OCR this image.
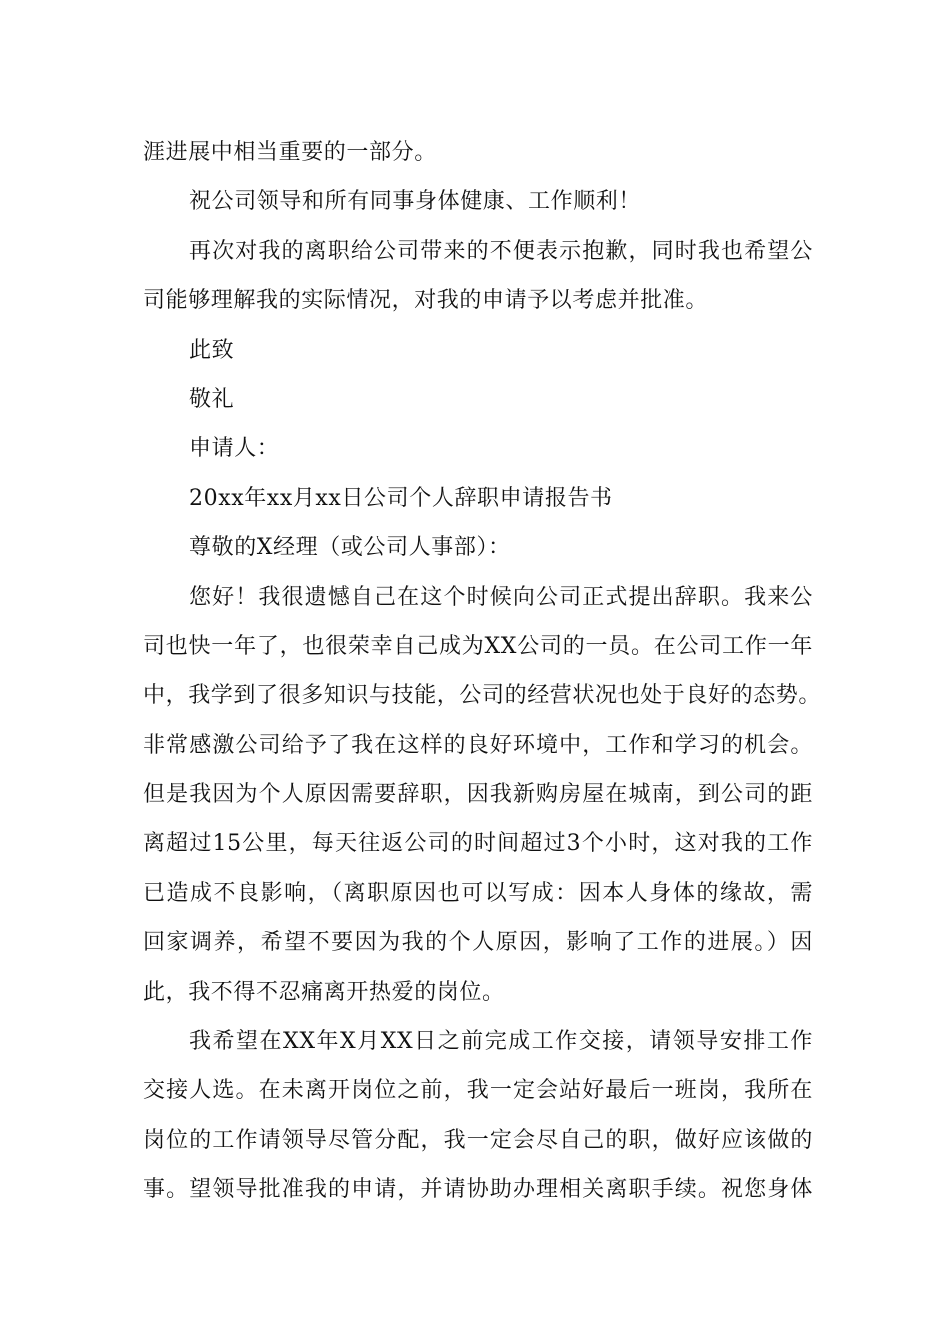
涯进展中相当重要的一部分。
祝公司领导和所有同事身体健康、工作顺利！
再次对我的离职给公司带来的不便表示抱歉，同时我也希望公
司能够理解我的实际情况，对我的申请予以考虑并批准。
此致
敬礼
申请人：
20xx年xx月xx日公司个人辞职申请报告书
尊敬的X经理（或公司人事部）：
您好！我很遗憾自己在这个时候向公司正式提出辞职。我来公
司也快一年了，也很荣幸自己成为XX公司的一员。在公司工作一年
中，我学到了很多知识与技能，公司的经营状况也处于良好的态势。
非常感激公司给予了我在这样的良好环境中，工作和学习的机会。
但是我因为个人原因需要辞职，因我新购房屋在城南，到公司的距
离超过15公里，每天往返公司的时间超过3个小时，这对我的工作
已造成不良影响，（离职原因也可以写成：因本人身体的缘故，需
回家调养，希望不要因为我的个人原因，影响了工作的进展。）因
此，我不得不忍痛离开热爱的岗位。
我希望在XX年X月XX日之前完成工作交接，请领导安排工作
交接人选。在未离开岗位之前，我一定会站好最后一班岗，我所在
岗位的工作请领导尽管分配，我一定会尽自己的职，做好应该做的
事。望领导批准我的申请，并请协助办理相关离职手续。祝您身体
